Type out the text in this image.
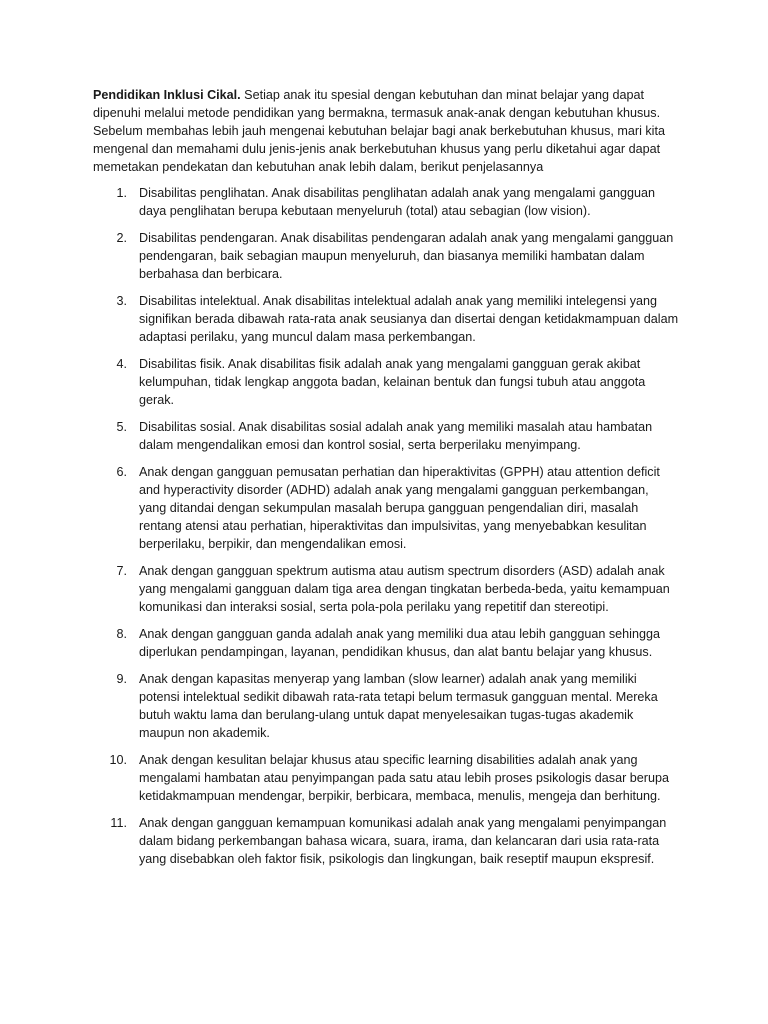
Pendidikan Inklusi Cikal. Setiap anak itu spesial dengan kebutuhan dan minat belajar yang dapat dipenuhi melalui metode pendidikan yang bermakna, termasuk anak-anak dengan kebutuhan khusus. Sebelum membahas lebih jauh mengenai kebutuhan belajar bagi anak berkebutuhan khusus, mari kita mengenal dan memahami dulu jenis-jenis anak berkebutuhan khusus yang perlu diketahui agar dapat memetakan pendekatan dan kebutuhan anak lebih dalam, berikut penjelasannya

1. Disabilitas penglihatan. Anak disabilitas penglihatan adalah anak yang mengalami gangguan daya penglihatan berupa kebutaan menyeluruh (total) atau sebagian (low vision).
2. Disabilitas pendengaran. Anak disabilitas pendengaran adalah anak yang mengalami gangguan pendengaran, baik sebagian maupun menyeluruh, dan biasanya memiliki hambatan dalam berbahasa dan berbicara.
3. Disabilitas intelektual. Anak disabilitas intelektual adalah anak yang memiliki intelegensi yang signifikan berada dibawah rata-rata anak seusianya dan disertai dengan ketidakmampuan dalam adaptasi perilaku, yang muncul dalam masa perkembangan.
4. Disabilitas fisik. Anak disabilitas fisik adalah anak yang mengalami gangguan gerak akibat kelumpuhan, tidak lengkap anggota badan, kelainan bentuk dan fungsi tubuh atau anggota gerak.
5. Disabilitas sosial. Anak disabilitas sosial adalah anak yang memiliki masalah atau hambatan dalam mengendalikan emosi dan kontrol sosial, serta berperilaku menyimpang.
6. Anak dengan gangguan pemusatan perhatian dan hiperaktivitas (GPPH) atau attention deficit and hyperactivity disorder (ADHD) adalah anak yang mengalami gangguan perkembangan, yang ditandai dengan sekumpulan masalah berupa gangguan pengendalian diri, masalah rentang atensi atau perhatian, hiperaktivitas dan impulsivitas, yang menyebabkan kesulitan berperilaku, berpikir, dan mengendalikan emosi.
7. Anak dengan gangguan spektrum autisma atau autism spectrum disorders (ASD) adalah anak yang mengalami gangguan dalam tiga area dengan tingkatan berbeda-beda, yaitu kemampuan komunikasi dan interaksi sosial, serta pola-pola perilaku yang repetitif dan stereotipi.
8. Anak dengan gangguan ganda adalah anak yang memiliki dua atau lebih gangguan sehingga diperlukan pendampingan, layanan, pendidikan khusus, dan alat bantu belajar yang khusus.
9. Anak dengan kapasitas menyerap yang lamban (slow learner) adalah anak yang memiliki potensi intelektual sedikit dibawah rata-rata tetapi belum termasuk gangguan mental. Mereka butuh waktu lama dan berulang-ulang untuk dapat menyelesaikan tugas-tugas akademik maupun non akademik.
10. Anak dengan kesulitan belajar khusus atau specific learning disabilities adalah anak yang mengalami hambatan atau penyimpangan pada satu atau lebih proses psikologis dasar berupa ketidakmampuan mendengar, berpikir, berbicara, membaca, menulis, mengeja dan berhitung.
11. Anak dengan gangguan kemampuan komunikasi adalah anak yang mengalami penyimpangan dalam bidang perkembangan bahasa wicara, suara, irama, dan kelancaran dari usia rata-rata yang disebabkan oleh faktor fisik, psikologis dan lingkungan, baik reseptif maupun ekspresif.
